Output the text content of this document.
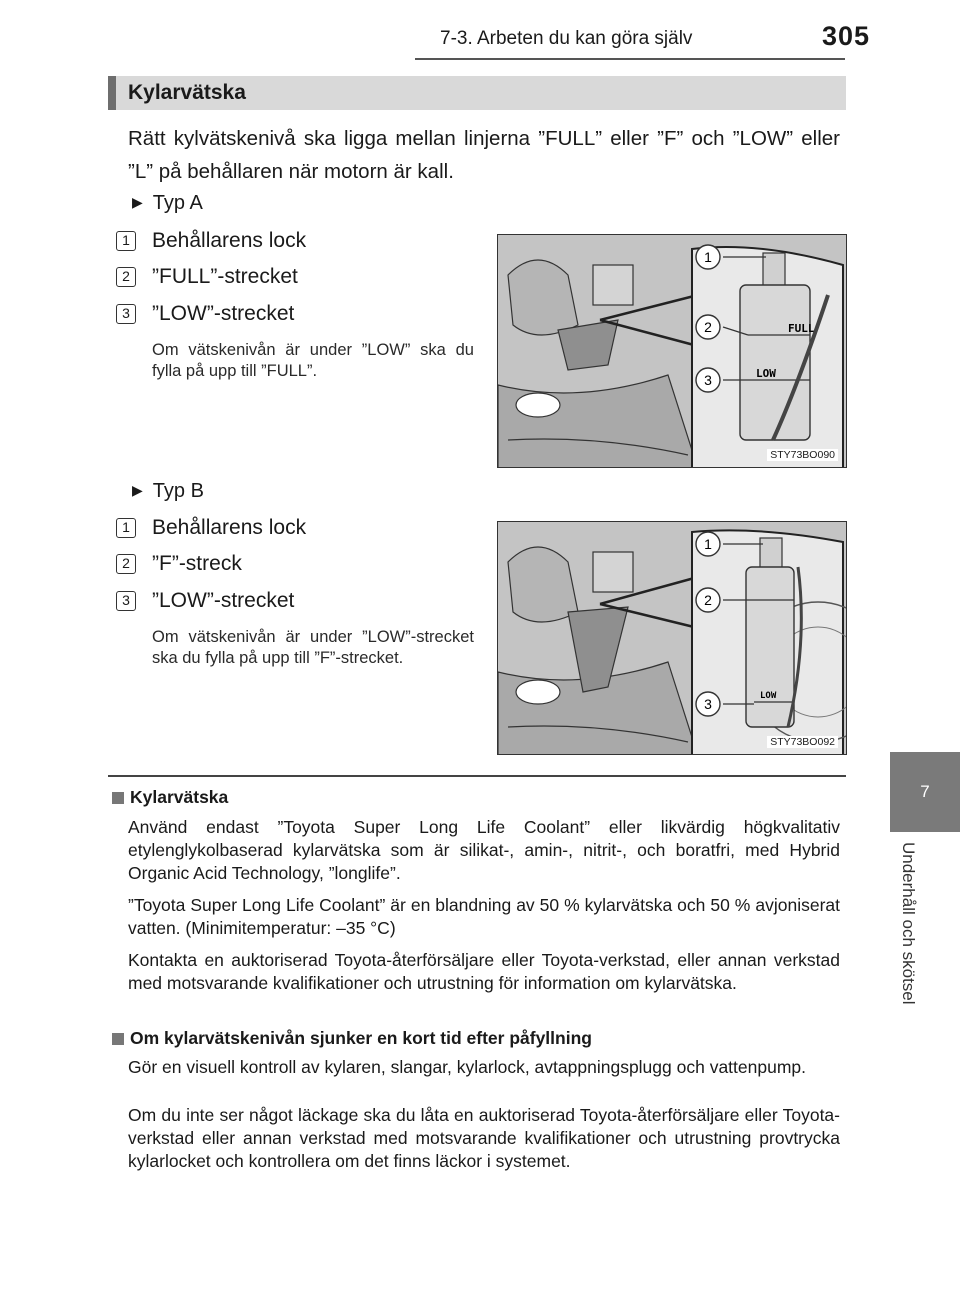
7-3. Arbeten du kan göra själv	305
7
Underhåll och skötsel
Kylarvätska
Rätt kylvätskenivå ska ligga mellan linjerna ”FULL” eller ”F” och ”LOW” eller ”L” på behållaren när motorn är kall.
▶ Typ A
1 Behållarens lock
2 ”FULL”-strecket
3 ”LOW”-strecket
Om vätskenivån är under ”LOW” ska du fylla på upp till ”FULL”.
FULL
LOW
1
2
3
STY73BO090
▶ Typ B
1 Behållarens lock
2 ”F”-streck
3 ”LOW”-strecket
Om vätskenivån är under ”LOW”-strecket ska du fylla på upp till ”F”-strecket.
LOW
1
2
3
STY73BO092
Kylarvätska
Använd endast ”Toyota Super Long Life Coolant” eller likvärdig högkvalitativ etylenglykolbaserad kylarvätska som är silikat-, amin-, nitrit-, och boratfri, med Hybrid Organic Acid Technology, ”longlife”.
”Toyota Super Long Life Coolant” är en blandning av 50 % kylarvätska och 50 % avjoniserat vatten. (Minimitemperatur: –35 °C)
Kontakta en auktoriserad Toyota-återförsäljare eller Toyota-verkstad, eller annan verkstad med motsvarande kvalifikationer och utrustning för information om kylarvätska.
Om kylarvätskenivån sjunker en kort tid efter påfyllning
Gör en visuell kontroll av kylaren, slangar, kylarlock, avtappningsplugg och vattenpump.
Om du inte ser något läckage ska du låta en auktoriserad Toyota-återförsäljare eller Toyota-verkstad eller annan verkstad med motsvarande kvalifikationer och utrustning provtrycka kylarlocket och kontrollera om det finns läckor i systemet.
